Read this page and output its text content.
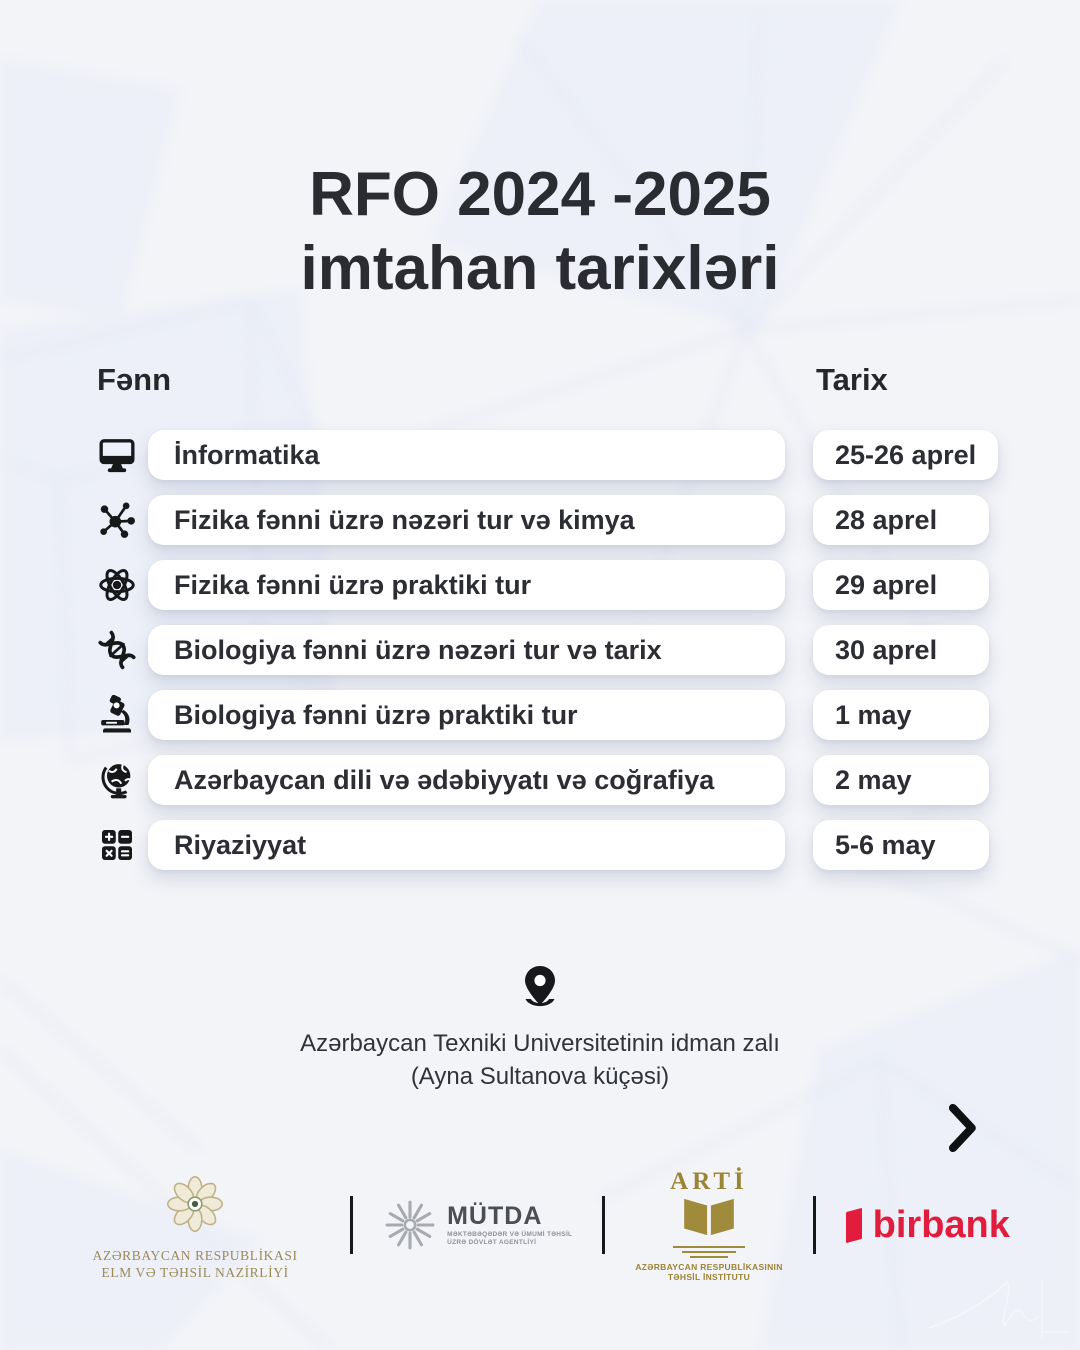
RFO 2024 -2025
imtahan tarixləri
Fənn	Tarix
İnformatika	25-26 aprel
Fizika fənni üzrə nəzəri tur və kimya	28 aprel
Fizika fənni üzrə praktiki tur	29 aprel
Biologiya fənni üzrə nəzəri tur və tarix	30 aprel
Biologiya fənni üzrə praktiki tur	1 may
Azərbaycan dili və ədəbiyyatı və coğrafiya	2 may
Riyaziyyat	5-6 may
Azərbaycan Texniki Universitetinin idman zalı
(Ayna Sultanova küçəsi)
AZƏRBAYCAN RESPUBLİKASI
ELM VƏ TƏHSİL NAZİRLİYİ
MÜTDA
MƏKTƏBƏQƏDƏR VƏ ÜMUMİ TƏHSİL
ÜZRƏ DÖVLƏT AGENTLİYİ
ARTİ
AZƏRBAYCAN RESPUBLİKASININ
TƏHSİL İNSTİTUTU
birbank
